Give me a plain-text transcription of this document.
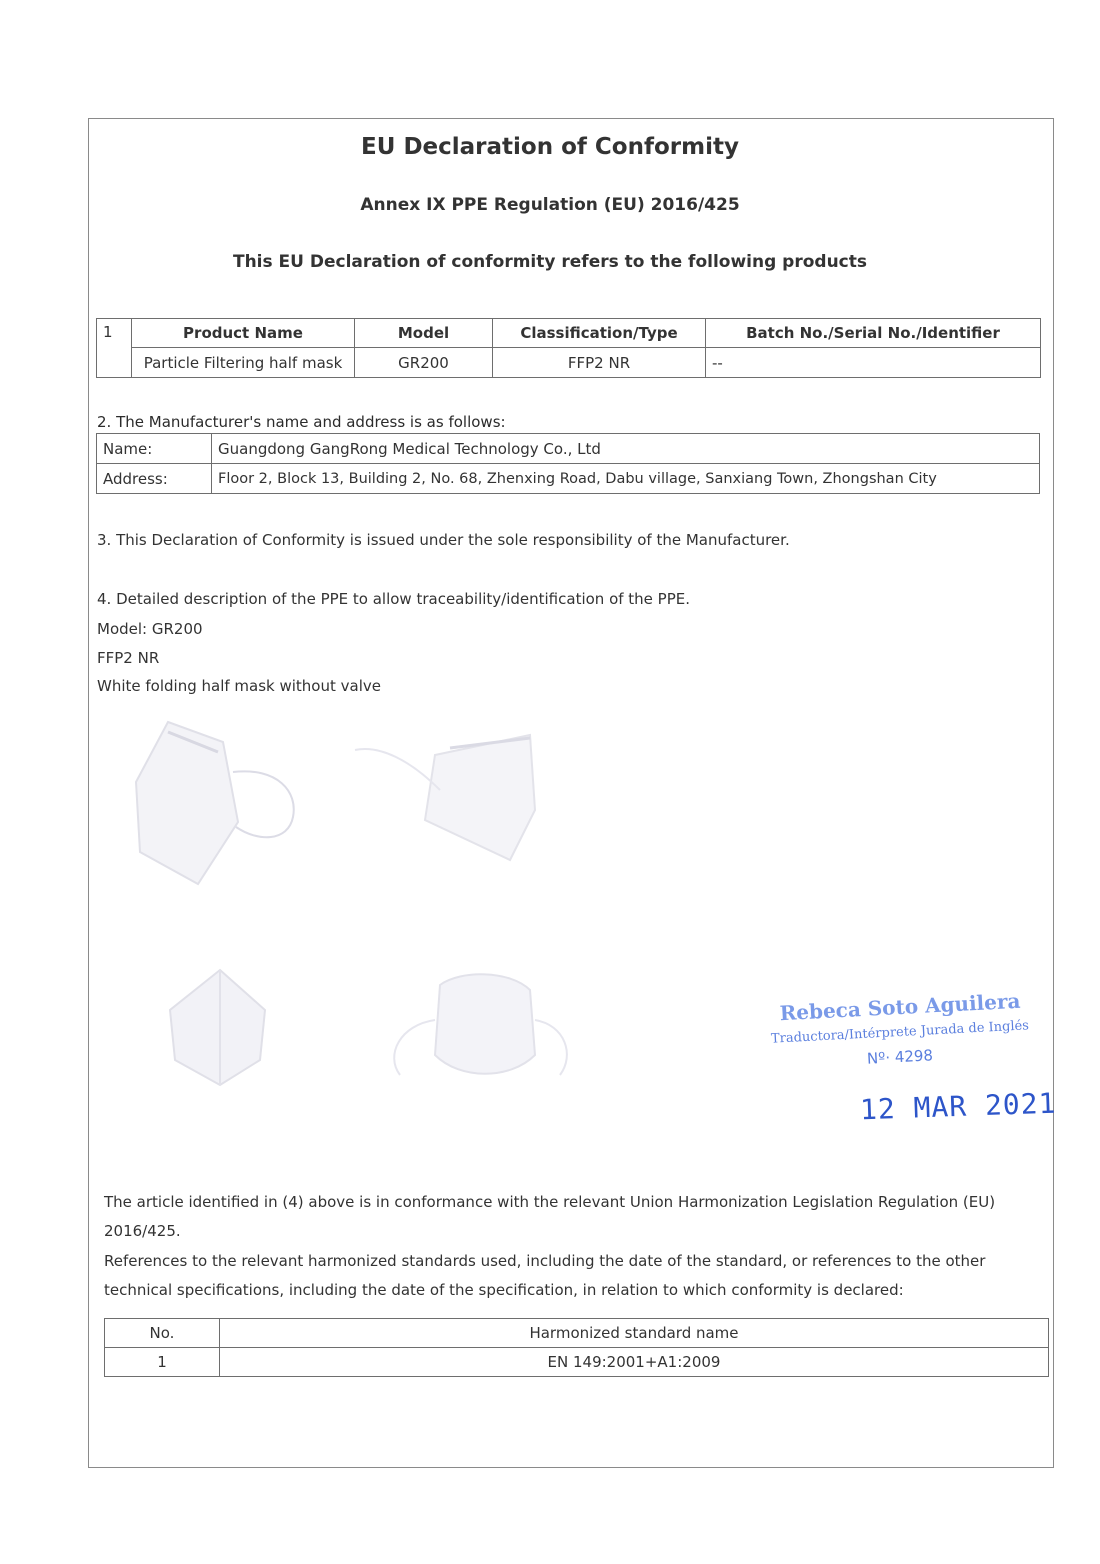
EU Declaration of Conformity
Annex IX PPE Regulation (EU) 2016/425
This EU Declaration of conformity refers to the following products
1	Product Name	Model	Classification/Type	Batch No./Serial No./Identifier
	Particle Filtering half mask	GR200	FFP2 NR	--
2. The Manufacturer's name and address is as follows:
Name:	Guangdong GangRong Medical Technology Co., Ltd
Address:	Floor 2, Block 13, Building 2, No. 68, Zhenxing Road, Dabu village, Sanxiang Town, Zhongshan City
3. This Declaration of Conformity is issued under the sole responsibility of the Manufacturer.
4. Detailed description of the PPE to allow traceability/identification of the PPE.
Model: GR200
FFP2 NR
White folding half mask without valve
Rebeca Soto Aguilera
Traductora/Intérprete Jurada de Inglés
Nº· 4298
12 MAR 2021
The article identified in (4) above is in conformance with the relevant Union Harmonization Legislation Regulation (EU) 2016/425.
References to the relevant harmonized standards used, including the date of the standard, or references to the other technical specifications, including the date of the specification, in relation to which conformity is declared:
No.	Harmonized standard name
1	EN 149:2001+A1:2009
